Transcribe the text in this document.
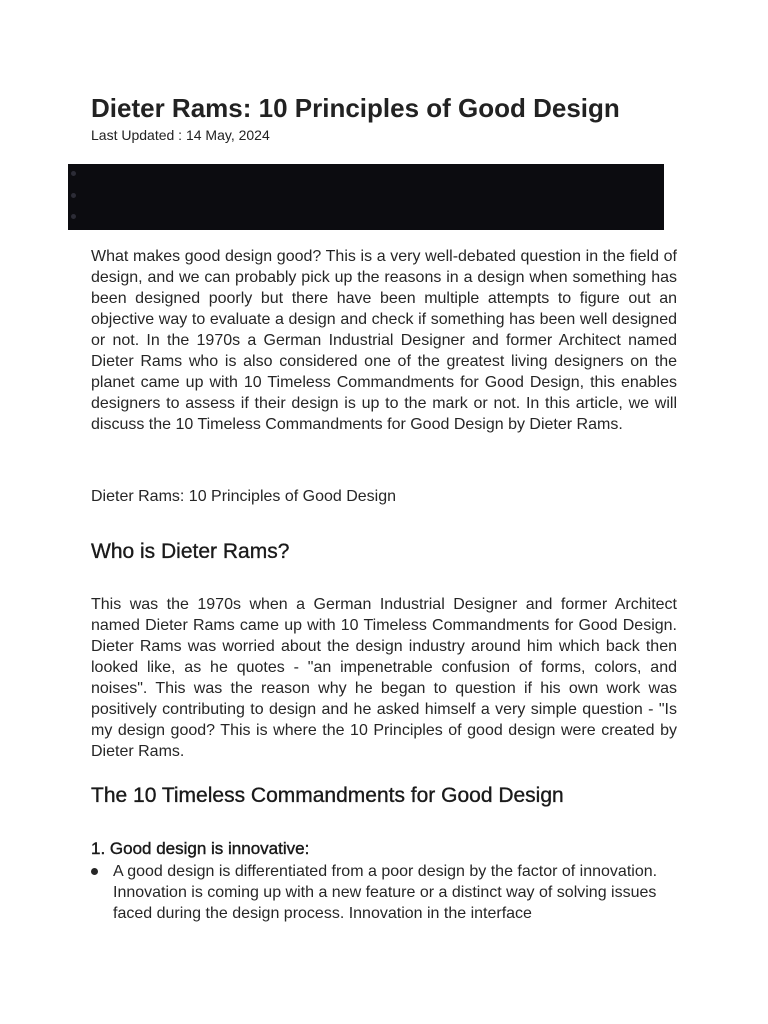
Dieter Rams: 10 Principles of Good Design
Last Updated : 14 May, 2024

What makes good design good? This is a very well-debated question in the field of design, and we can probably pick up the reasons in a design when something has been designed poorly but there have been multiple attempts to figure out an objective way to evaluate a design and check if something has been well designed or not. In the 1970s a German Industrial Designer and former Architect named Dieter Rams who is also considered one of the greatest living designers on the planet came up with 10 Timeless Commandments for Good Design, this enables designers to assess if their design is up to the mark or not. In this article, we will discuss the 10 Timeless Commandments for Good Design by Dieter Rams.

Dieter Rams: 10 Principles of Good Design
Who is Dieter Rams?

This was the 1970s when a German Industrial Designer and former Architect named Dieter Rams came up with 10 Timeless Commandments for Good Design. Dieter Rams was worried about the design industry around him which back then looked like, as he quotes - "an impenetrable confusion of forms, colors, and noises". This was the reason why he began to question if his own work was positively contributing to design and he asked himself a very simple question - "Is my design good? This is where the 10 Principles of good design were created by Dieter Rams.

The 10 Timeless Commandments for Good Design
1. Good design is innovative:
A good design is differentiated from a poor design by the factor of innovation. Innovation is coming up with a new feature or a distinct way of solving issues faced during the design process. Innovation in the interface
